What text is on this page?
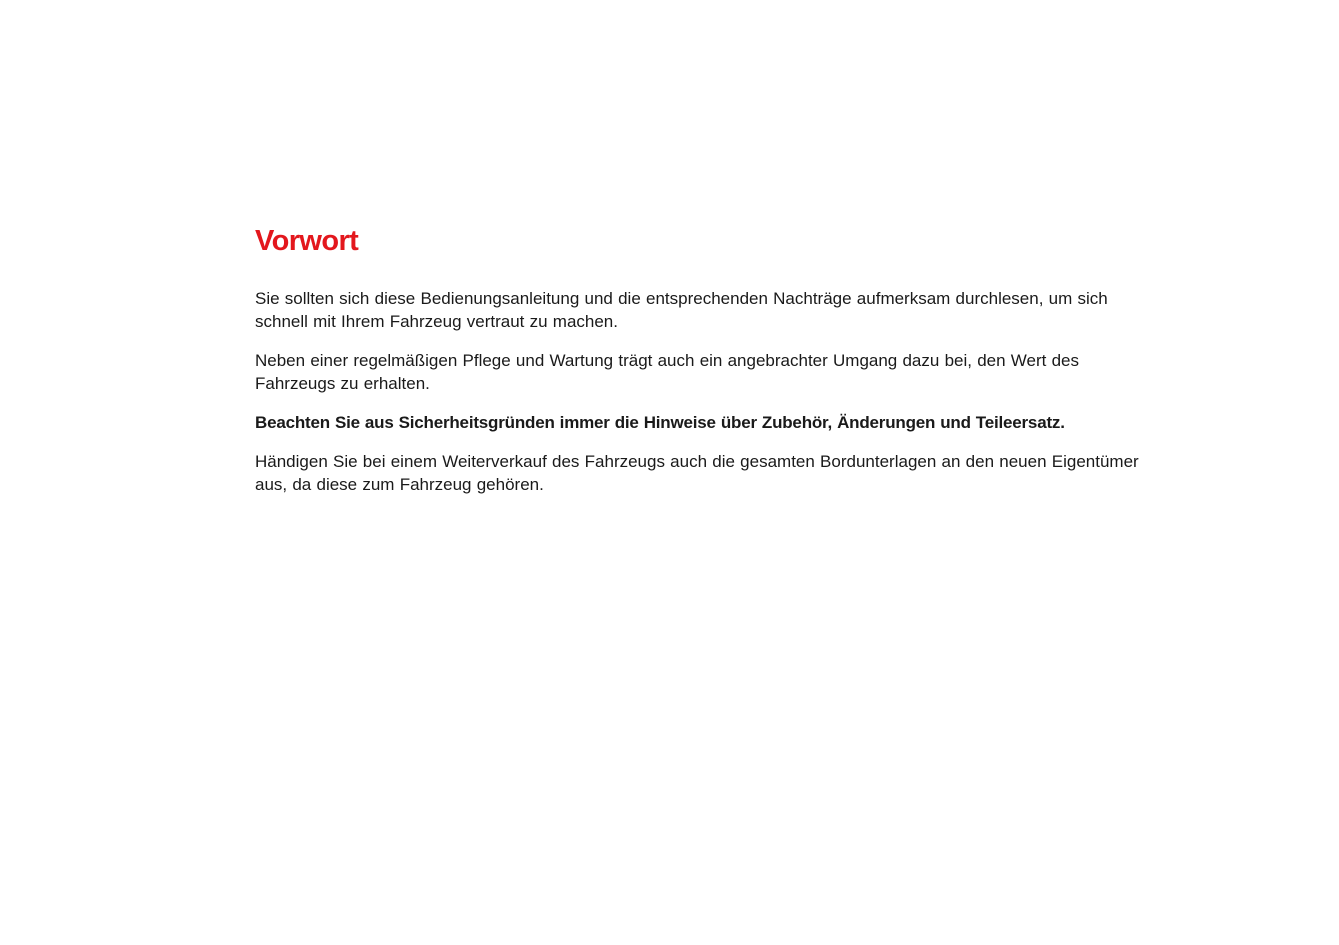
Vorwort

Sie sollten sich diese Bedienungsanleitung und die entsprechenden Nachträge aufmerksam durchlesen, um sich schnell mit Ihrem Fahrzeug vertraut zu machen.

Neben einer regelmäßigen Pflege und Wartung trägt auch ein angebrachter Umgang dazu bei, den Wert des Fahrzeugs zu erhalten.

Beachten Sie aus Sicherheitsgründen immer die Hinweise über Zubehör, Änderungen und Teileersatz.

Händigen Sie bei einem Weiterverkauf des Fahrzeugs auch die gesamten Bordunterlagen an den neuen Eigentümer aus, da diese zum Fahrzeug gehören.
